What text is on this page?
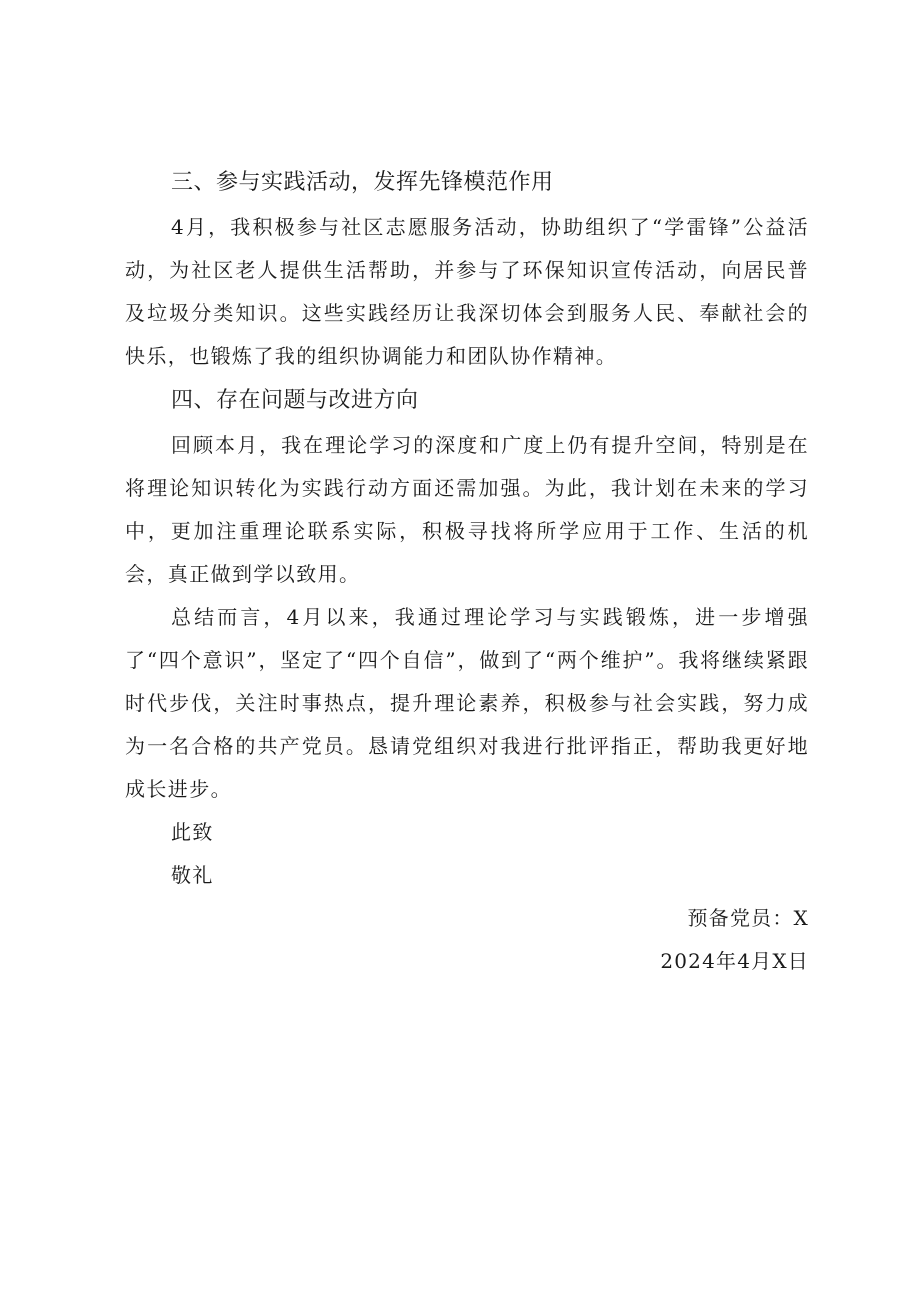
三、参与实践活动，发挥先锋模范作用

4月，我积极参与社区志愿服务活动，协助组织了“学雷锋”公益活动，为社区老人提供生活帮助，并参与了环保知识宣传活动，向居民普及垃圾分类知识。这些实践经历让我深切体会到服务人民、奉献社会的快乐，也锻炼了我的组织协调能力和团队协作精神。

四、存在问题与改进方向

回顾本月，我在理论学习的深度和广度上仍有提升空间，特别是在将理论知识转化为实践行动方面还需加强。为此，我计划在未来的学习中，更加注重理论联系实际，积极寻找将所学应用于工作、生活的机会，真正做到学以致用。

总结而言，4月以来，我通过理论学习与实践锻炼，进一步增强了“四个意识”，坚定了“四个自信”，做到了“两个维护”。我将继续紧跟时代步伐，关注时事热点，提升理论素养，积极参与社会实践，努力成为一名合格的共产党员。恳请党组织对我进行批评指正，帮助我更好地成长进步。

此致

敬礼

预备党员：X

2024年4月X日
